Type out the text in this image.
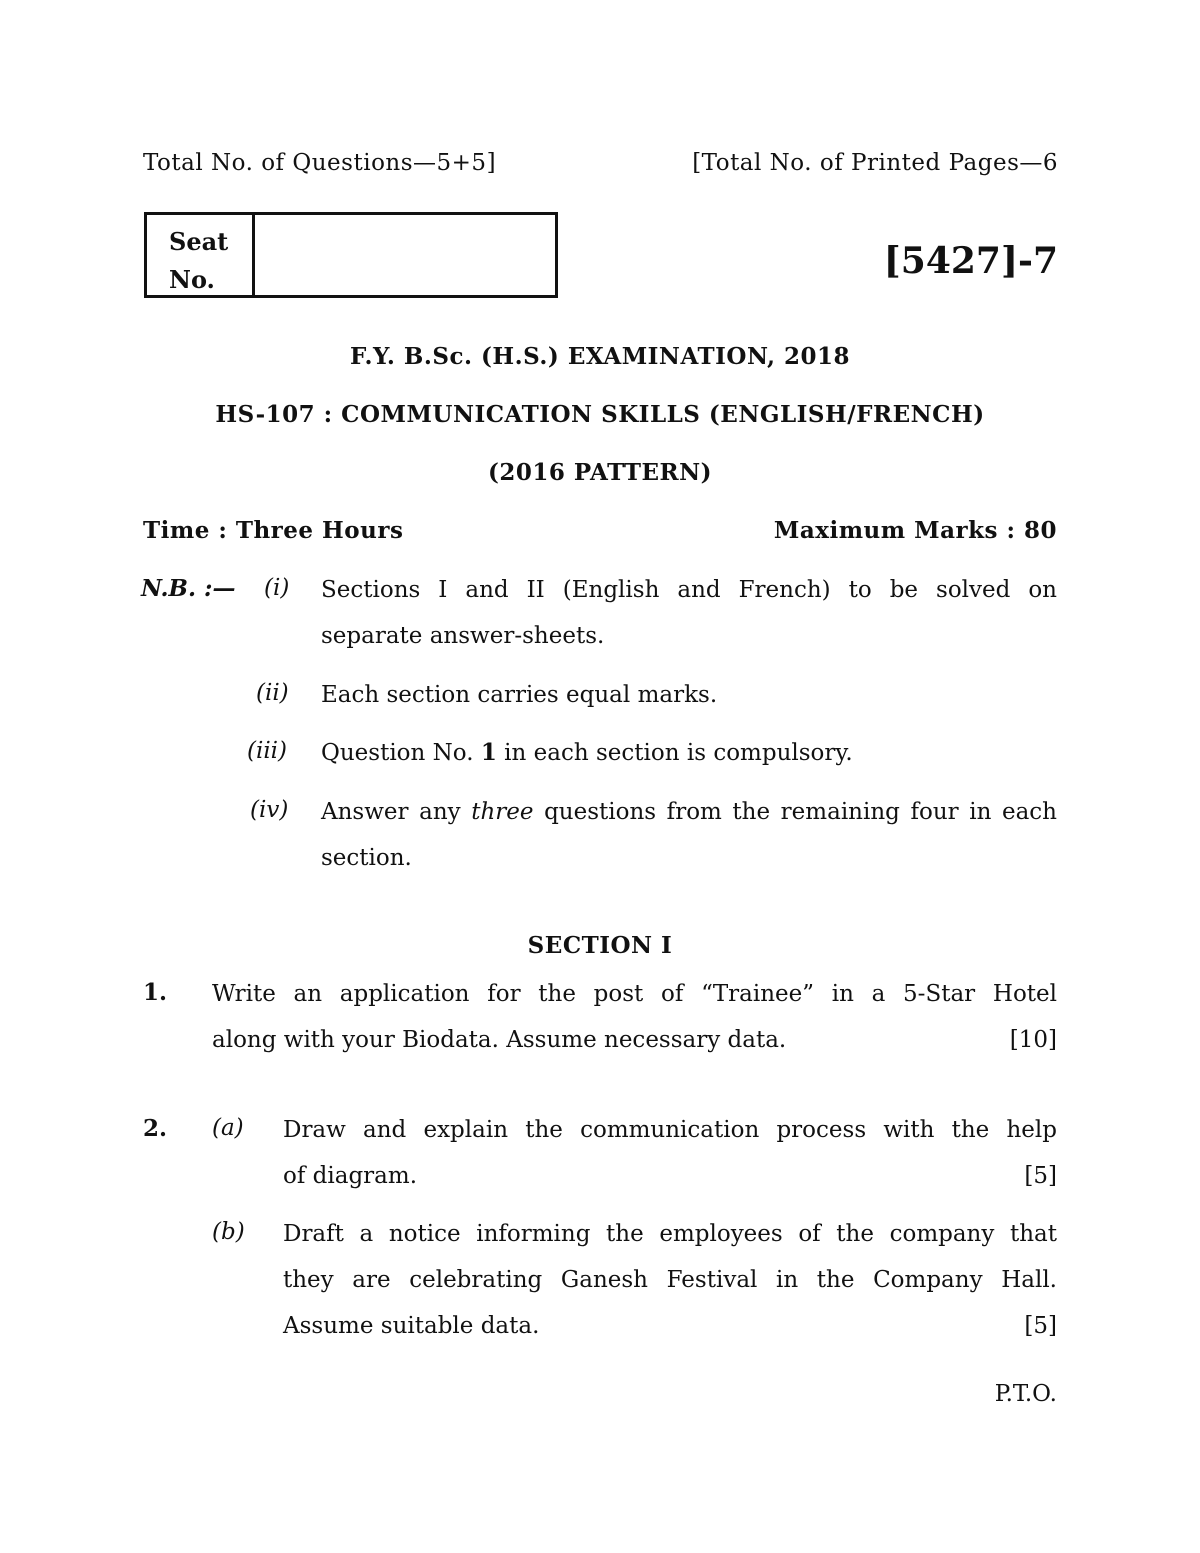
Total No. of Questions—5+5]	[Total No. of Printed Pages—6
Seat
No.	[5427]-7
F.Y. B.Sc. (H.S.) EXAMINATION, 2018
HS-107 : COMMUNICATION SKILLS (ENGLISH/FRENCH)
(2016 PATTERN)
Time : Three Hours	Maximum Marks : 80
N.B. :— (i) Sections I and II (English and French) to be solved on
separate answer-sheets.
(ii) Each section carries equal marks.
(iii) Question No. 1 in each section is compulsory.
(iv) Answer any three questions from the remaining four in each
section.
SECTION I
1. Write an application for the post of “Trainee” in a 5-Star Hotel
along with your Biodata. Assume necessary data.	[10]
2. (a) Draw and explain the communication process with the help
of diagram.	[5]
(b) Draft a notice informing the employees of the company that
they are celebrating Ganesh Festival in the Company Hall.
Assume suitable data.	[5]
P.T.O.
